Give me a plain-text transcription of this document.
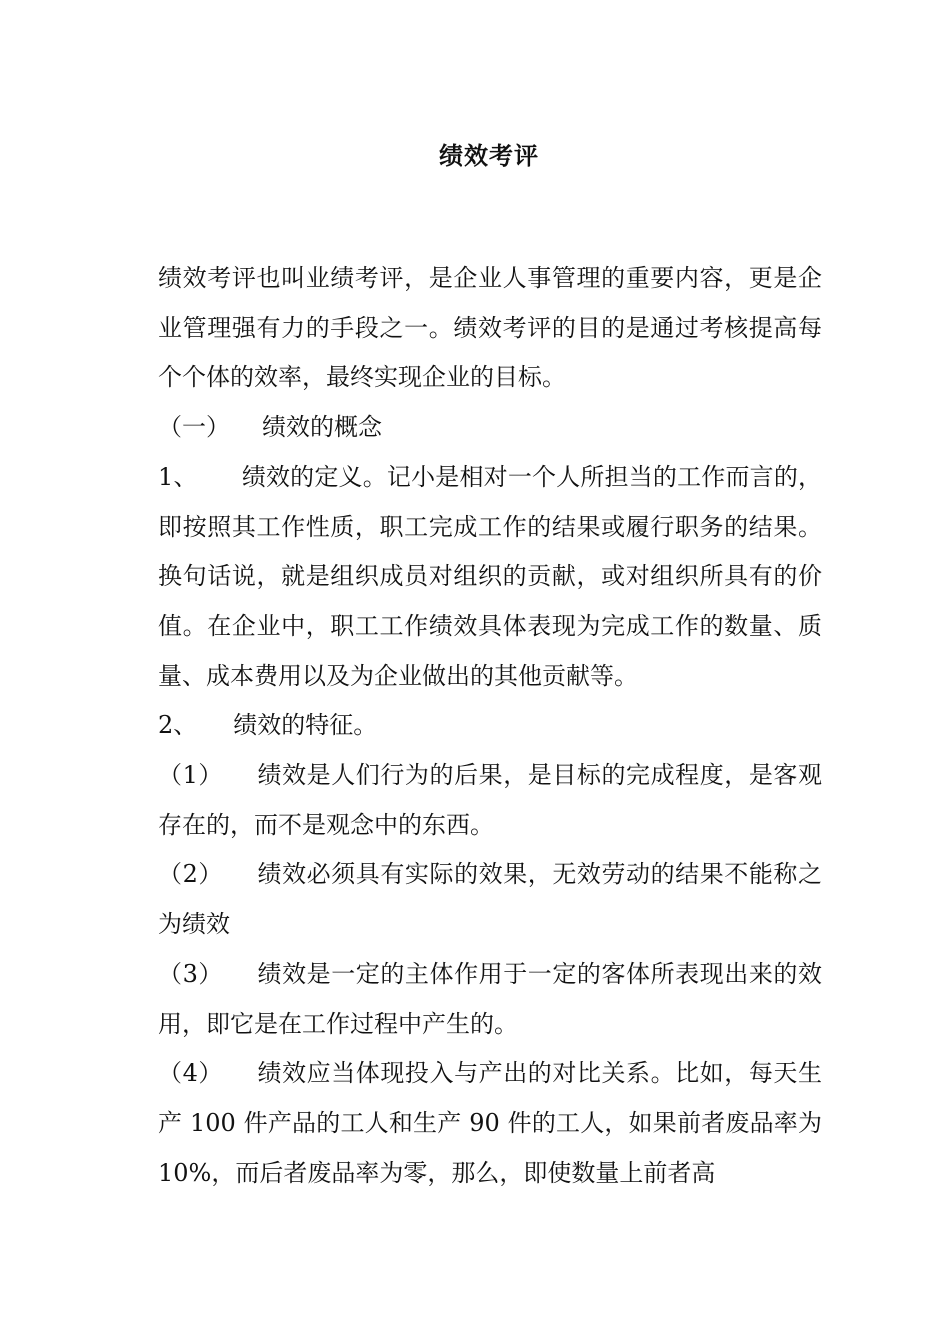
绩效考评

绩效考评也叫业绩考评，是企业人事管理的重要内容，更是企业管理强有力的手段之一。绩效考评的目的是通过考核提高每个个体的效率，最终实现企业的目标。

（一） 绩效的概念

1、 绩效的定义。记小是相对一个人所担当的工作而言的，即按照其工作性质，职工完成工作的结果或履行职务的结果。换句话说，就是组织成员对组织的贡献，或对组织所具有的价值。在企业中，职工工作绩效具体表现为完成工作的数量、质量、成本费用以及为企业做出的其他贡献等。

2、 绩效的特征。

（1） 绩效是人们行为的后果，是目标的完成程度，是客观存在的，而不是观念中的东西。

（2） 绩效必须具有实际的效果，无效劳动的结果不能称之为绩效

（3） 绩效是一定的主体作用于一定的客体所表现出来的效用，即它是在工作过程中产生的。

（4） 绩效应当体现投入与产出的对比关系。比如，每天生产 100 件产品的工人和生产 90 件的工人，如果前者废品率为 10%，而后者废品率为零，那么，即使数量上前者高
